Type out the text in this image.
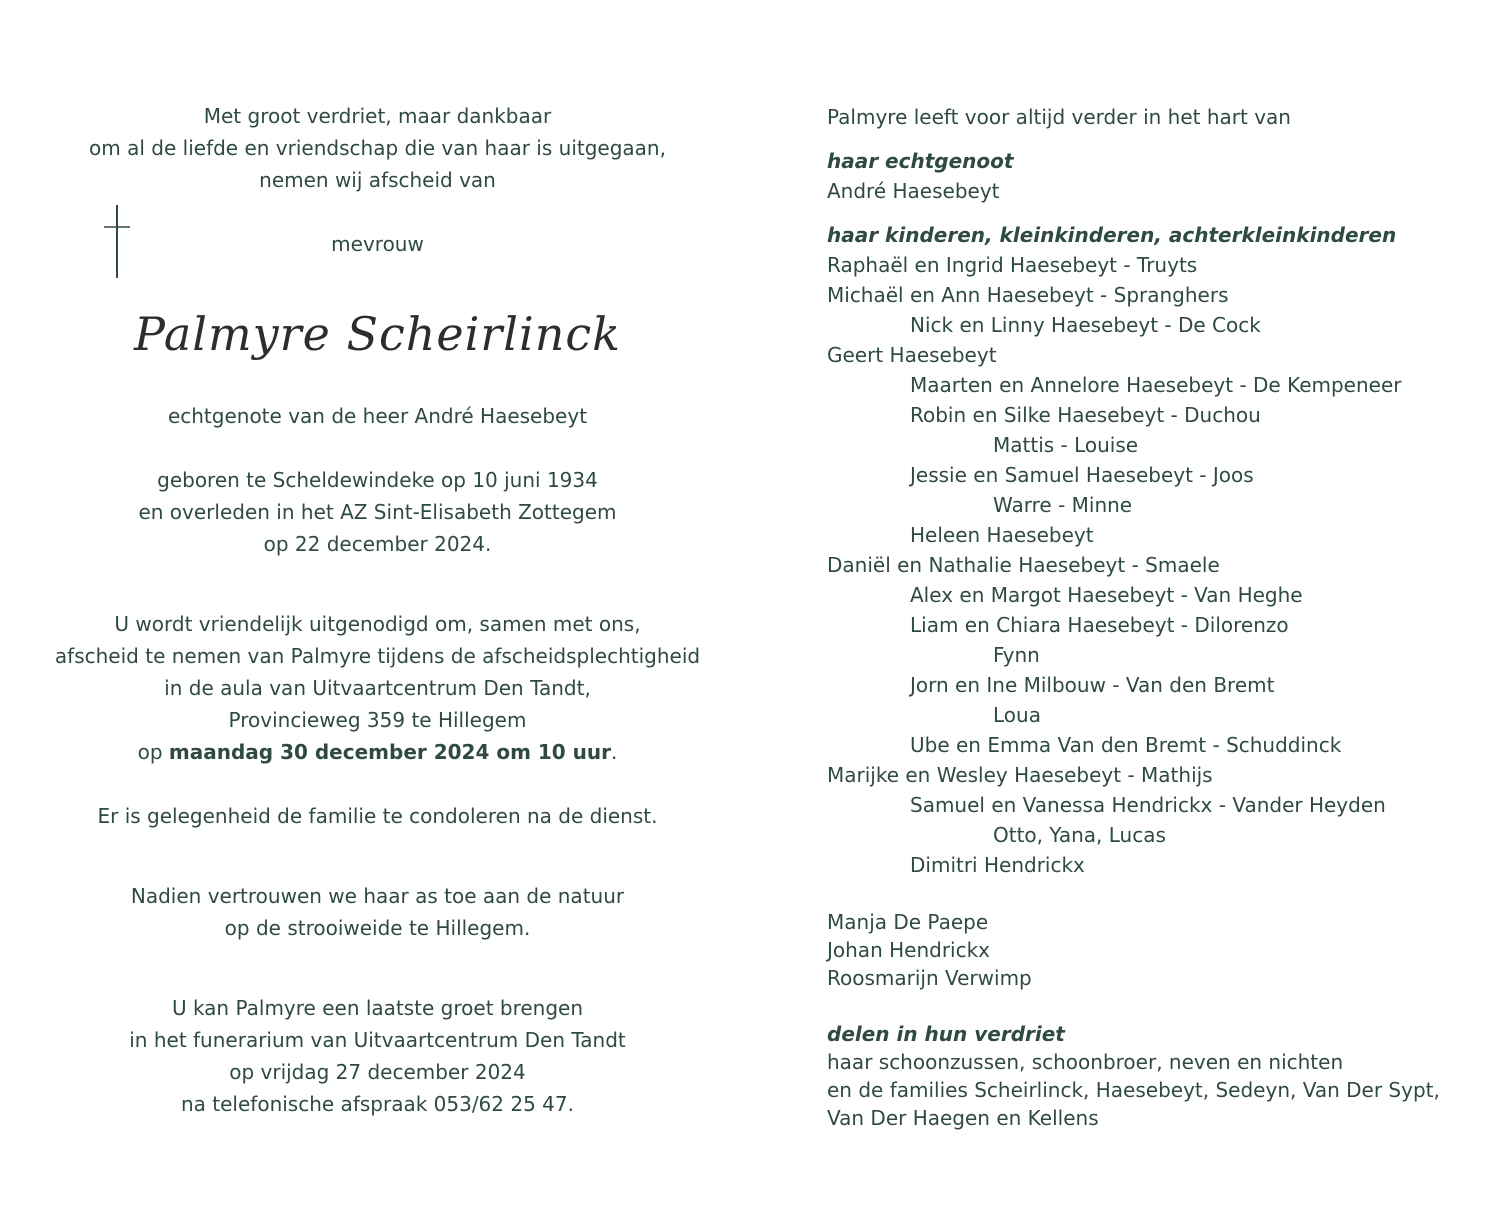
Met groot verdriet, maar dankbaar
om al de liefde en vriendschap die van haar is uitgegaan,
nemen wij afscheid van
mevrouw
Palmyre Scheirlinck
echtgenote van de heer André Haesebeyt
geboren te Scheldewindeke op 10 juni 1934
en overleden in het AZ Sint-Elisabeth Zottegem
op 22 december 2024.
U wordt vriendelijk uitgenodigd om, samen met ons,
afscheid te nemen van Palmyre tijdens de afscheidsplechtigheid
in de aula van Uitvaartcentrum Den Tandt,
Provincieweg 359 te Hillegem
op maandag 30 december 2024 om 10 uur.
Er is gelegenheid de familie te condoleren na de dienst.
Nadien vertrouwen we haar as toe aan de natuur
op de strooiweide te Hillegem.
U kan Palmyre een laatste groet brengen
in het funerarium van Uitvaartcentrum Den Tandt
op vrijdag 27 december 2024
na telefonische afspraak 053/62 25 47.
Palmyre leeft voor altijd verder in het hart van
haar echtgenoot
André Haesebeyt
haar kinderen, kleinkinderen, achterkleinkinderen
Raphaël en Ingrid Haesebeyt - Truyts
Michaël en Ann Haesebeyt - Spranghers
Nick en Linny Haesebeyt - De Cock
Geert Haesebeyt
Maarten en Annelore Haesebeyt - De Kempeneer
Robin en Silke Haesebeyt - Duchou
Mattis - Louise
Jessie en Samuel Haesebeyt - Joos
Warre - Minne
Heleen Haesebeyt
Daniël en Nathalie Haesebeyt - Smaele
Alex en Margot Haesebeyt - Van Heghe
Liam en Chiara Haesebeyt - Dilorenzo
Fynn
Jorn en Ine Milbouw - Van den Bremt
Loua
Ube en Emma Van den Bremt - Schuddinck
Marijke en Wesley Haesebeyt - Mathijs
Samuel en Vanessa Hendrickx - Vander Heyden
Otto, Yana, Lucas
Dimitri Hendrickx
Manja De Paepe
Johan Hendrickx
Roosmarijn Verwimp
delen in hun verdriet
haar schoonzussen, schoonbroer, neven en nichten
en de families Scheirlinck, Haesebeyt, Sedeyn, Van Der Sypt,
Van Der Haegen en Kellens
